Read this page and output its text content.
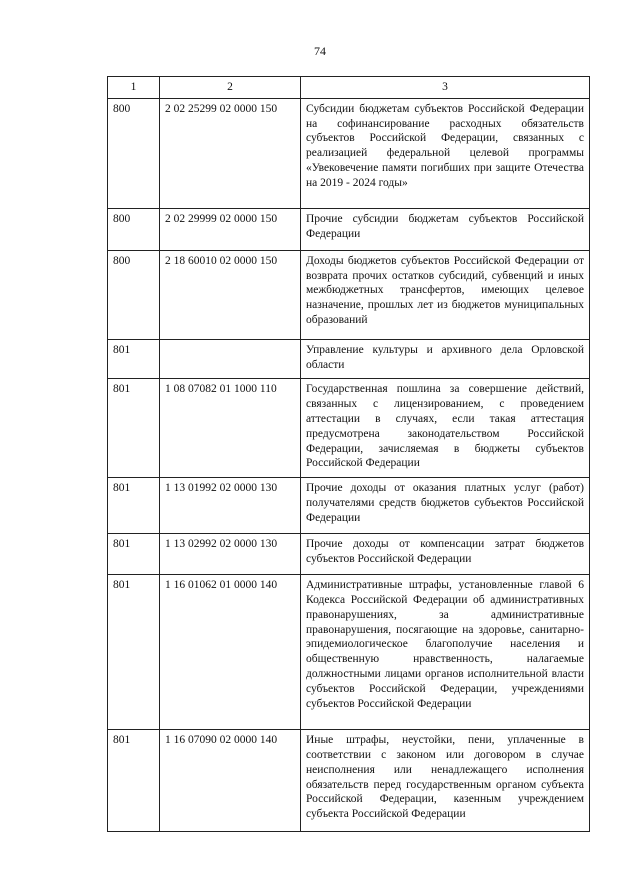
74
1	2	3
800	2 02 25299 02 0000 150	Субсидии бюджетам субъектов Российской Федерации на софинансирование расходных обязательств субъектов Российской Федерации, связанных с реализацией федеральной целевой программы «Увековечение памяти погибших при защите Отечества на 2019 - 2024 годы»
800	2 02 29999 02 0000 150	Прочие субсидии бюджетам субъектов Российской Федерации
800	2 18 60010 02 0000 150	Доходы бюджетов субъектов Российской Федерации от возврата прочих остатков субсидий, субвенций и иных межбюджетных трансфертов, имеющих целевое назначение, прошлых лет из бюджетов муниципальных образований
801		Управление культуры и архивного дела Орловской области
801	1 08 07082 01 1000 110	Государственная пошлина за совершение действий, связанных с лицензированием, с проведением аттестации в случаях, если такая аттестация предусмотрена законодательством Российской Федерации, зачисляемая в бюджеты субъектов Российской Федерации
801	1 13 01992 02 0000 130	Прочие доходы от оказания платных услуг (работ) получателями средств бюджетов субъектов Российской Федерации
801	1 13 02992 02 0000 130	Прочие доходы от компенсации затрат бюджетов субъектов Российской Федерации
801	1 16 01062 01 0000 140	Административные штрафы, установленные главой 6 Кодекса Российской Федерации об административных правонарушениях, за административные правонарушения, посягающие на здоровье, санитарно-эпидемиологическое благополучие населения и общественную нравственность, налагаемые должностными лицами органов исполнительной власти субъектов Российской Федерации, учреждениями субъектов Российской Федерации
801	1 16 07090 02 0000 140	Иные штрафы, неустойки, пени, уплаченные в соответствии с законом или договором в случае неисполнения или ненадлежащего исполнения обязательств перед государственным органом субъекта Российской Федерации, казенным учреждением субъекта Российской Федерации
